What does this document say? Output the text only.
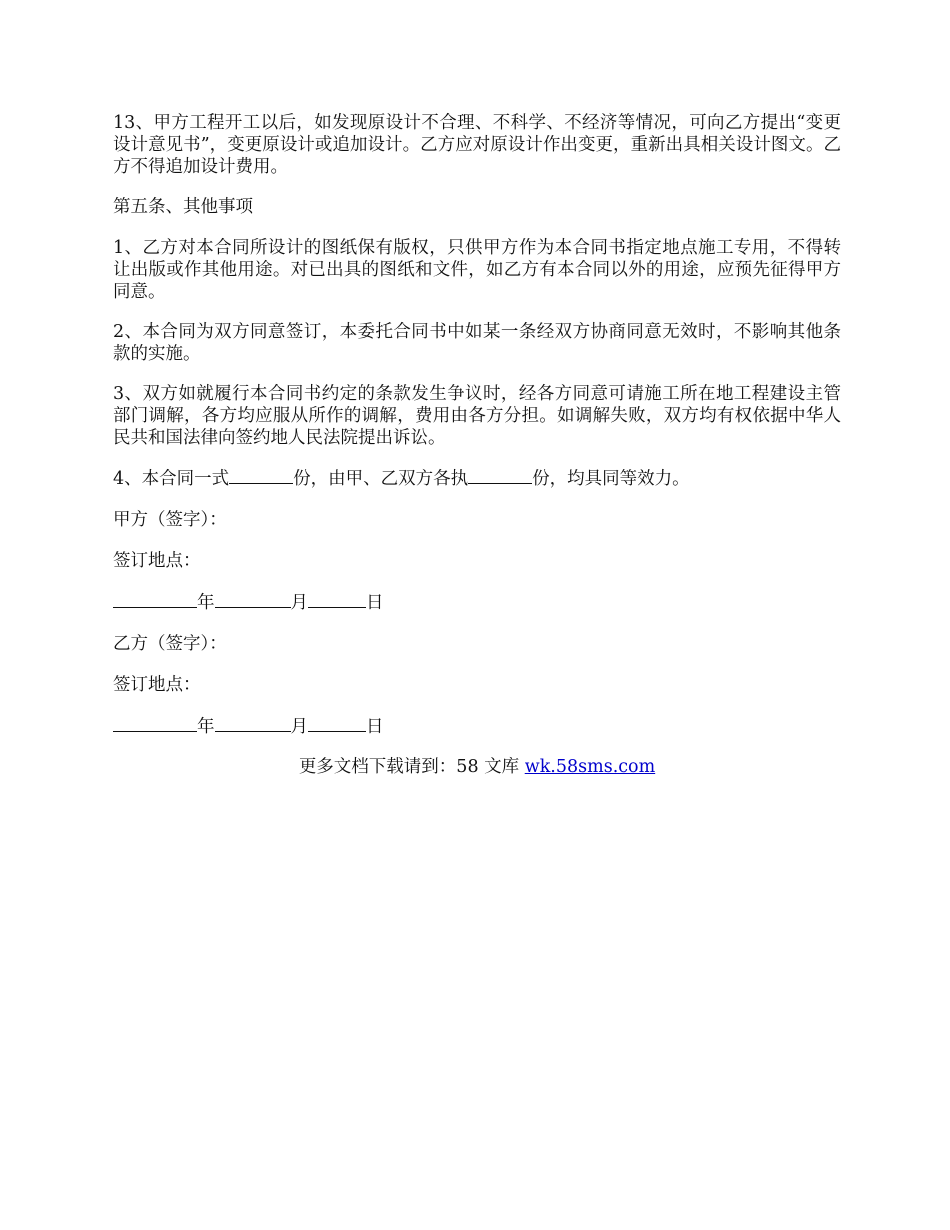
13、甲方工程开工以后，如发现原设计不合理、不科学、不经济等情况，可向乙方提出“变更设计意见书”，变更原设计或追加设计。乙方应对原设计作出变更，重新出具相关设计图文。乙方不得追加设计费用。

第五条、其他事项

1、乙方对本合同所设计的图纸保有版权，只供甲方作为本合同书指定地点施工专用，不得转让出版或作其他用途。对已出具的图纸和文件，如乙方有本合同以外的用途，应预先征得甲方同意。

2、本合同为双方同意签订，本委托合同书中如某一条经双方协商同意无效时，不影响其他条款的实施。

3、双方如就履行本合同书约定的条款发生争议时，经各方同意可请施工所在地工程建设主管部门调解，各方均应服从所作的调解，费用由各方分担。如调解失败，双方均有权依据中华人民共和国法律向签约地人民法院提出诉讼。

4、本合同一式	份，由甲、乙双方各执	份，均具同等效力。

甲方（签字）：

签订地点：

年	月	日

乙方（签字）：

签订地点：

年	月	日

更多文档下载请到：58 文库 wk.58sms.com
